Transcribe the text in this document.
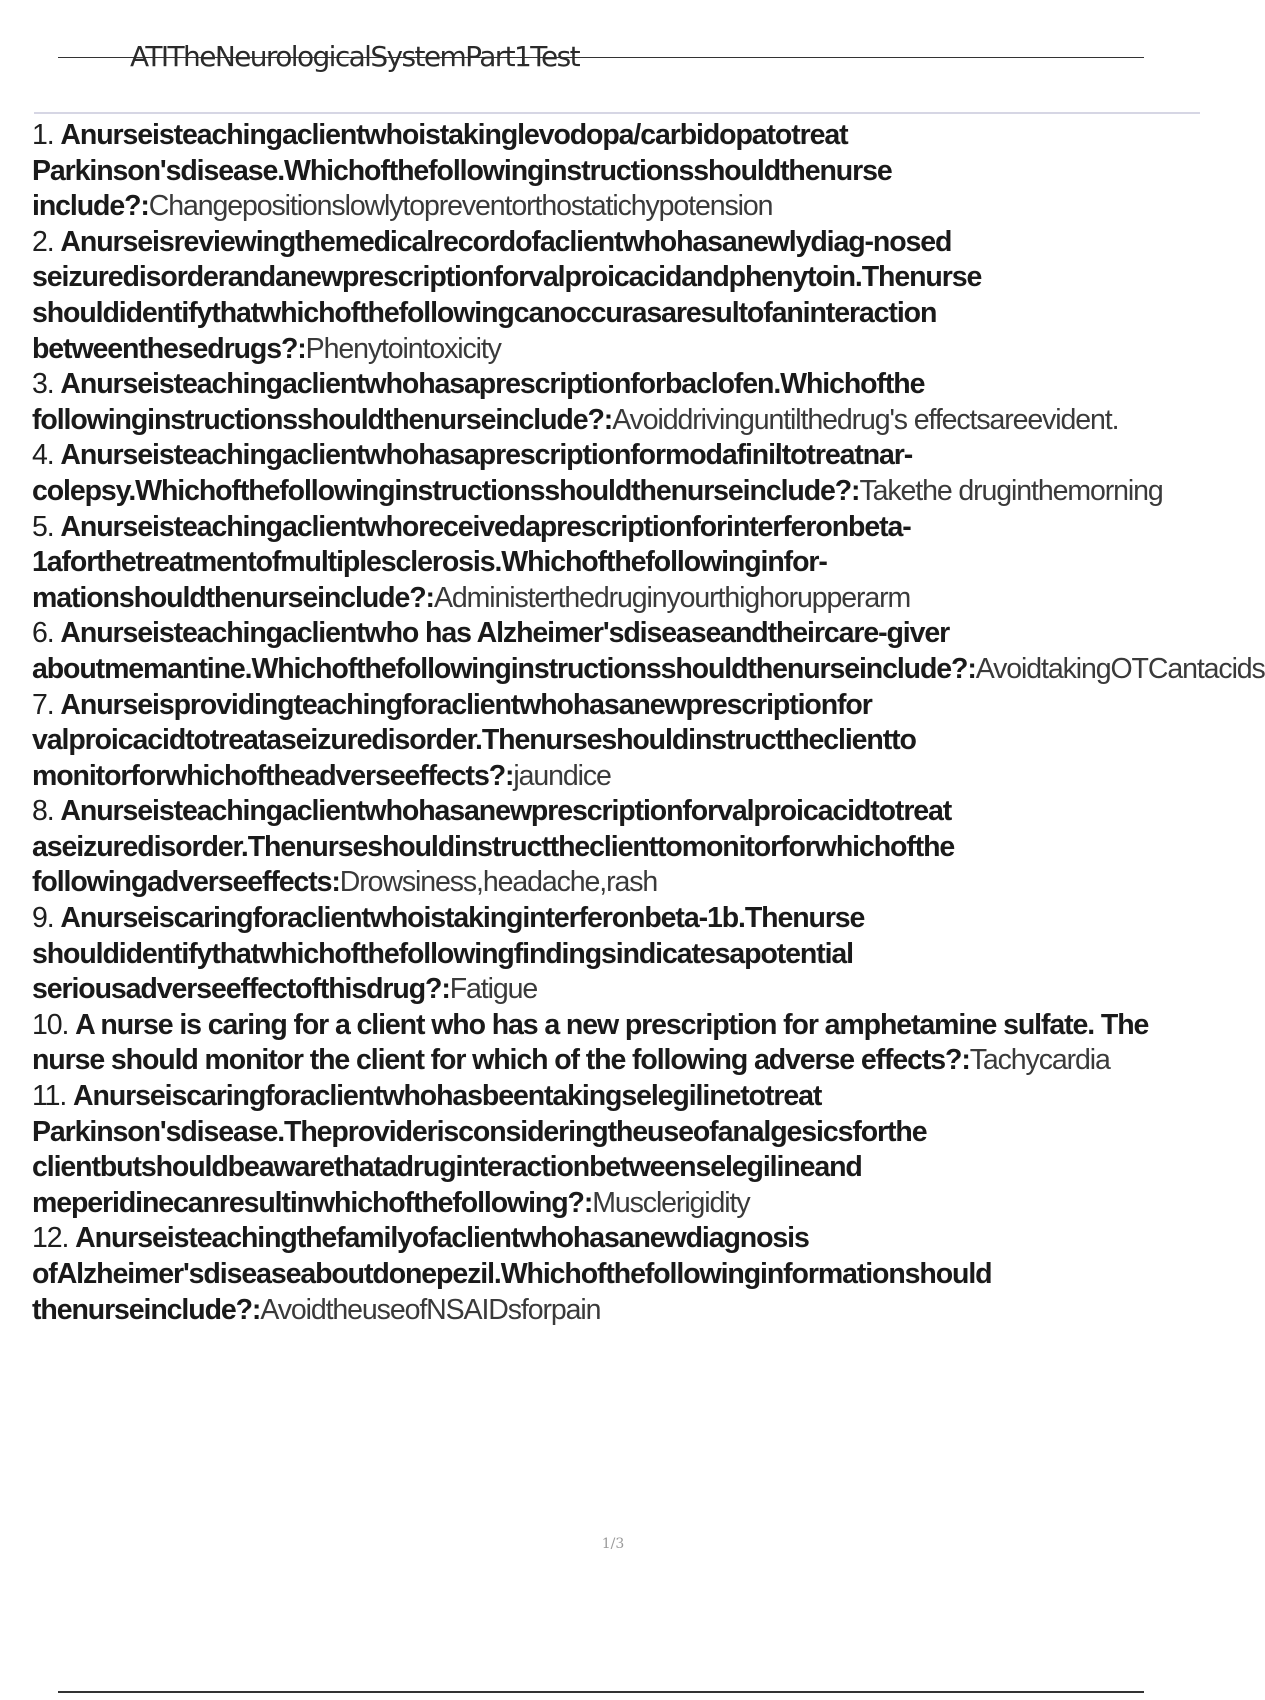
ATITheNeurologicalSystemPart1Test
1. Anurseisteachingaclientwhoistakinglevodopa/carbidopatotreat Parkinson'sdisease.Whichofthefollowinginstructionsshouldthenurse include?:Changepositionslowlytopreventorthostatichypotension
2. Anurseisreviewingthemedicalrecordofaclientwhohasanewlydiag-nosed seizuredisorderandanewprescriptionforvalproicacidandphenytoin.Thenurse shouldidentifythatwhichofthefollowingcanoccurasaresultofaninteraction betweenthesedrugs?:Phenytointoxicity
3. Anurseisteachingaclientwhohasaprescriptionforbaclofen.Whichofthe followinginstructionsshouldthenurseinclude?:Avoiddrivinguntilthedrug's effectsareevident.
4. Anurseisteachingaclientwhohasaprescriptionformodafiniltotreatnar- colepsy.Whichofthefollowinginstructionsshouldthenurseinclude?:Takethe druginthemorning
5. Anurseisteachingaclientwhoreceivedaprescriptionforinterferonbeta- 1aforthetreatmentofmultiplesclerosis.Whichofthefollowinginfor- mationshouldthenurseinclude?:Administerthedruginyourthighorupperarm
6. Anurseisteachingaclientwho has Alzheimer'sdiseaseandtheircare-giver aboutmemantine.Whichofthefollowinginstructionsshouldthenurseinclude?:AvoidtakingOTCantacids
7. Anurseisprovidingteachingforaclientwhohasanewprescriptionfor valproicacidtotreataseizuredisorder.Thenurseshouldinstructtheclientto monitorforwhichoftheadverseeffects?:jaundice
8. Anurseisteachingaclientwhohasanewprescriptionforvalproicacidtotreat aseizuredisorder.Thenurseshouldinstructtheclienttomonitorforwhichofthe followingadverseeffects:Drowsiness,headache,rash
9. Anurseiscaringforaclientwhoistakinginterferonbeta-1b.Thenurse shouldidentifythatwhichofthefollowingfindingsindicatesapotential seriousadverseeffectofthisdrug?:Fatigue
10. A nurse is caring for a client who has a new prescription for amphetamine sulfate. The nurse should monitor the client for which of the following adverse effects?:Tachycardia
11. Anurseiscaringforaclientwhohasbeentakingselegilinetotreat Parkinson'sdisease.Theproviderisconsideringtheuseofanalgesicsforthe clientbutshouldbeawarethatadruginteractionbetweenselegilineand meperidinecanresultinwhichofthefollowing?:Musclerigidity
12. Anurseisteachingthefamilyofaclientwhohasanewdiagnosis ofAlzheimer'sdiseaseaboutdonepezil.Whichofthefollowinginformationshould thenurseinclude?:AvoidtheuseofNSAIDsforpain
1/3
